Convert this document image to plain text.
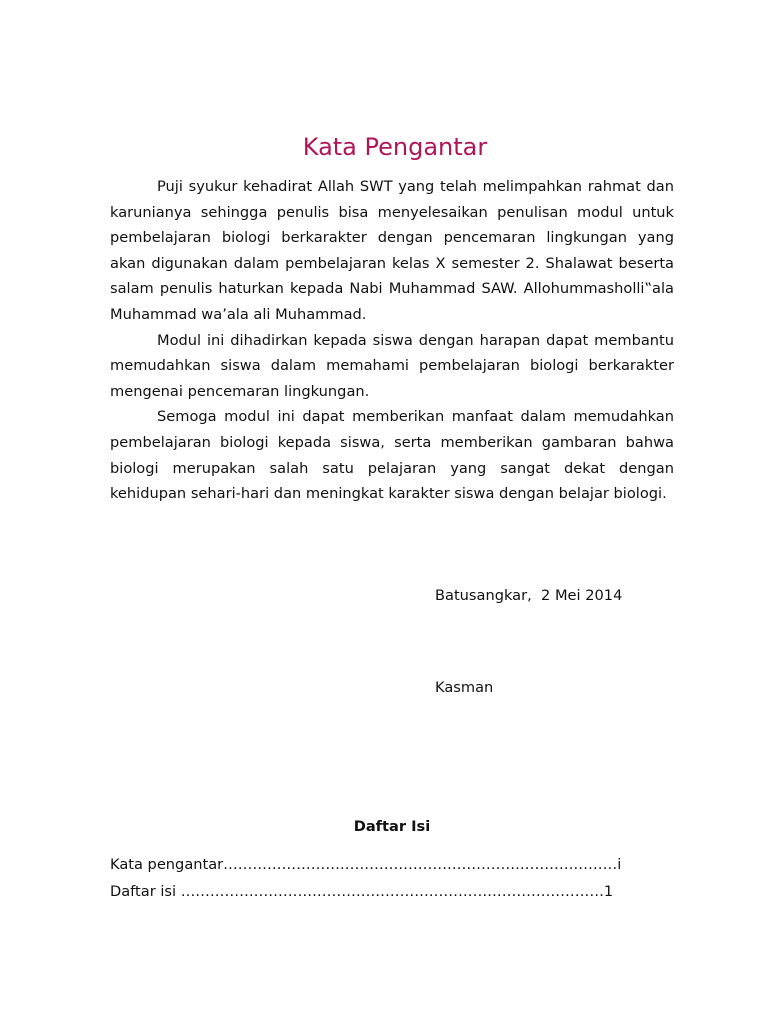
Kata Pengantar

Puji syukur kehadirat Allah SWT yang telah melimpahkan rahmat dan karunianya sehingga penulis bisa menyelesaikan penulisan modul untuk pembelajaran biologi berkarakter dengan pencemaran lingkungan yang akan digunakan dalam pembelajaran kelas X semester 2. Shalawat beserta salam penulis haturkan kepada Nabi Muhammad SAW. Allohummasholli‟ala Muhammad wa’ala ali Muhammad.

Modul ini dihadirkan kepada siswa dengan harapan dapat membantu memudahkan siswa dalam memahami pembelajaran biologi berkarakter mengenai pencemaran lingkungan.

Semoga modul ini dapat memberikan manfaat dalam memudahkan pembelajaran biologi kepada siswa, serta memberikan gambaran bahwa biologi merupakan salah satu pelajaran yang sangat dekat dengan kehidupan sehari-hari dan meningkat karakter siswa dengan belajar biologi.

Batusangkar,  2 Mei 2014

Kasman

Daftar Isi

Kata pengantar………………………………………………………………………i

Daftar isi ……………………………………………………………………………1
